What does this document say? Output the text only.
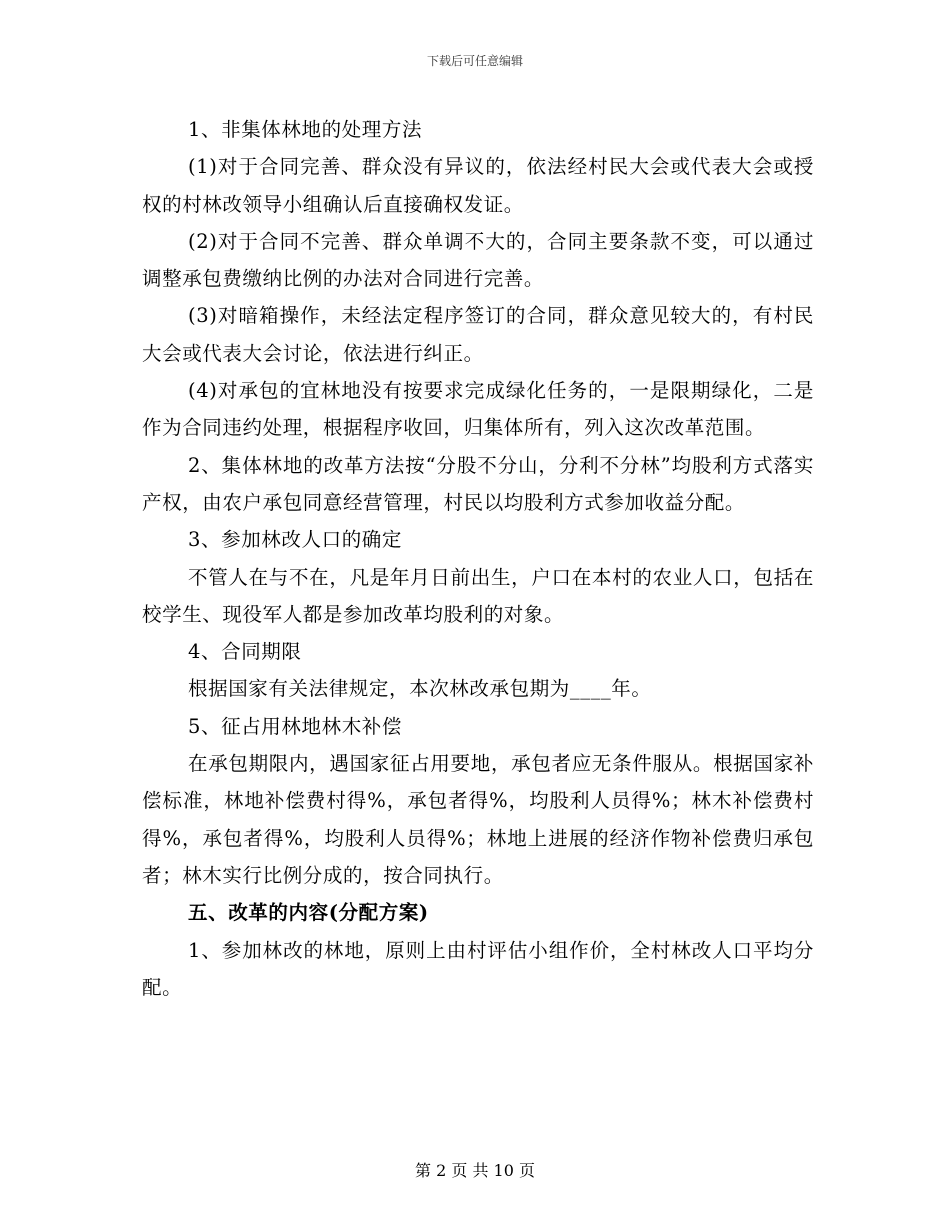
下载后可任意编辑

1、非集体林地的处理方法

(1)对于合同完善、群众没有异议的，依法经村民大会或代表大会或授权的村林改领导小组确认后直接确权发证。

(2)对于合同不完善、群众单调不大的，合同主要条款不变，可以通过调整承包费缴纳比例的办法对合同进行完善。

(3)对暗箱操作，未经法定程序签订的合同，群众意见较大的，有村民大会或代表大会讨论，依法进行纠正。

(4)对承包的宜林地没有按要求完成绿化任务的，一是限期绿化，二是作为合同违约处理，根据程序收回，归集体所有，列入这次改革范围。

2、集体林地的改革方法按“分股不分山，分利不分林”均股利方式落实产权，由农户承包同意经营管理，村民以均股利方式参加收益分配。

3、参加林改人口的确定

不管人在与不在，凡是年月日前出生，户口在本村的农业人口，包括在校学生、现役军人都是参加改革均股利的对象。

4、合同期限

根据国家有关法律规定，本次林改承包期为____年。

5、征占用林地林木补偿

在承包期限内，遇国家征占用要地，承包者应无条件服从。根据国家补偿标准，林地补偿费村得%，承包者得%，均股利人员得%；林木补偿费村得%，承包者得%，均股利人员得%；林地上进展的经济作物补偿费归承包者；林木实行比例分成的，按合同执行。

五、改革的内容(分配方案)

1、参加林改的林地，原则上由村评估小组作价，全村林改人口平均分配。

第 2 页 共 10 页
